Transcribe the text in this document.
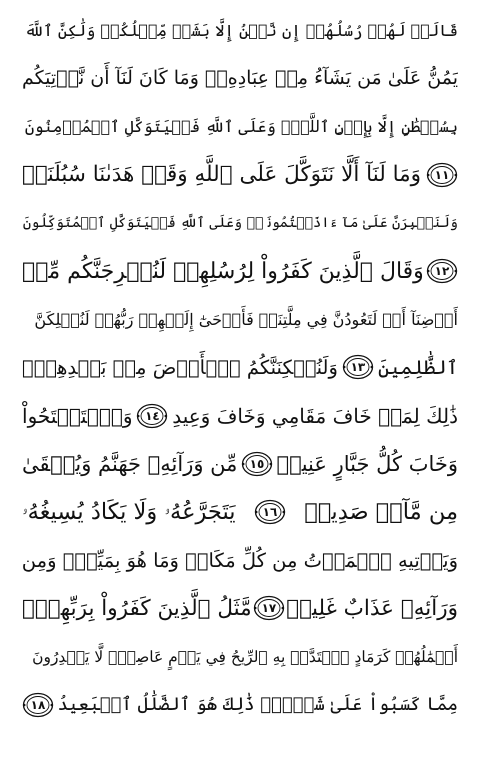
قَالَتۡ لَهُمۡ رُسُلُهُمۡ إِن نَّحۡنُ إِلَّا بَشَرٞ مِّثۡلُكُمۡ وَلَٰكِنَّ ٱللَّهَ
يَمُنُّ عَلَىٰ مَن يَشَآءُ مِنۡ عِبَادِهِۦۖ وَمَا كَانَ لَنَآ أَن نَّأۡتِيَكُم
بِسُلۡطَٰنٍ إِلَّا بِإِذۡنِ ٱللَّهِۚ وَعَلَى ٱللَّهِ فَلۡيَتَوَكَّلِ ٱلۡمُؤۡمِنُونَ
١١
وَمَا لَنَآ أَلَّا نَتَوَكَّلَ عَلَى ٱللَّهِ وَقَدۡ هَدَىٰنَا سُبُلَنَاۚ
وَلَنَصۡبِرَنَّ عَلَىٰ مَآ ءَاذَيۡتُمُونَاۚ وَعَلَى ٱللَّهِ فَلۡيَتَوَكَّلِ ٱلۡمُتَوَكِّلُونَ
١٢
وَقَالَ ٱلَّذِينَ كَفَرُواْ لِرُسُلِهِمۡ لَنُخۡرِجَنَّكُم مِّنۡ
أَرۡضِنَآ أَوۡ لَتَعُودُنَّ فِي مِلَّتِنَاۖ فَأَوۡحَىٰٓ إِلَيۡهِمۡ رَبُّهُمۡ لَنُهۡلِكَنَّ
ٱلظَّٰلِمِينَ
١٣
وَلَنُسۡكِنَنَّكُمُ ٱلۡأَرۡضَ مِنۢ بَعۡدِهِمۡۚ
ذَٰلِكَ لِمَنۡ خَافَ مَقَامِي وَخَافَ وَعِيدِ
١٤
وَٱسۡتَفۡتَحُواْ
وَخَابَ كُلُّ جَبَّارٍ عَنِيدٖ
١٥
مِّن وَرَآئِهِۦ جَهَنَّمُ وَيُسۡقَىٰ
مِن مَّآءٖ صَدِيدٖ
١٦
يَتَجَرَّعُهُۥ وَلَا يَكَادُ يُسِيغُهُۥ
وَيَأۡتِيهِ ٱلۡمَوۡتُ مِن كُلِّ مَكَانٖ وَمَا هُوَ بِمَيِّتٖۖ وَمِن
وَرَآئِهِۦ عَذَابٌ غَلِيظٞ
١٧
مَّثَلُ ٱلَّذِينَ كَفَرُواْ بِرَبِّهِمۡۖ
أَعۡمَٰلُهُمۡ كَرَمَادٍ ٱشۡتَدَّتۡ بِهِ ٱلرِّيحُ فِي يَوۡمٍ عَاصِفٖۖ لَّا يَقۡدِرُونَ
مِمَّا كَسَبُواْ عَلَىٰ شَيۡءٖۚ ذَٰلِكَ هُوَ ٱلضَّلَٰلُ ٱلۡبَعِيدُ
١٨
